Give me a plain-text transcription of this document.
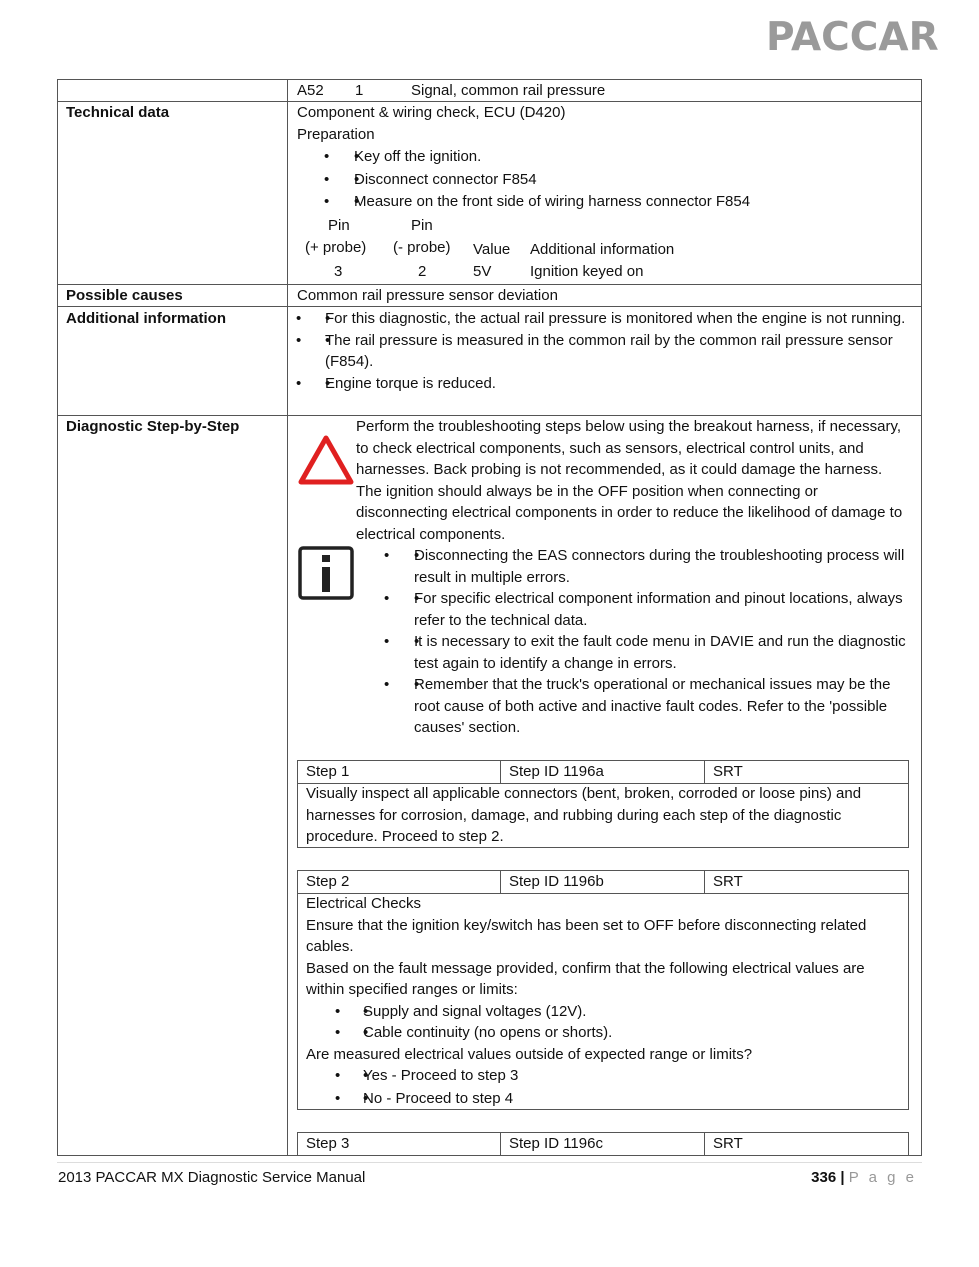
PACCAR
A52 1	Signal, common rail pressure
Technical data	Component & wiring check, ECU (D420)
Preparation
• • Key off the ignition.
• • Disconnect connector F854
• • Measure on the front side of wiring harness connector F854
Pin
(+ probe)
Pin
(- probe) Value Additional information
3	2	5V	Ignition keyed on
Possible causes	Common rail pressure sensor deviation
Additional information
•	• For this diagnostic, the actual rail pressure is monitored when the engine is not running.
• • The rail pressure is measured in the common rail by the common rail pressure sensor (F854).
• • Engine torque is reduced.
Diagnostic Step-by-Step	Perform the troubleshooting steps below using the breakout harness, if necessary, to check electrical components, such as sensors, electrical control units, and harnesses. Back probing is not recommended, as it could damage the harness. The ignition should always be in the OFF position when connecting or disconnecting electrical components in order to reduce the likelihood of damage to electrical components.
• • Disconnecting the EAS connectors during the troubleshooting process will result in multiple errors.
• • For specific electrical component information and pinout locations, always refer to the technical data.
• • It is necessary to exit the fault code menu in DAVIE and run the diagnostic test again to identify a change in errors.
• • Remember that the truck's operational or mechanical issues may be the root cause of both active and inactive fault codes. Refer to the 'possible causes' section.
Step 1	Step ID 1196a	SRT
Visually inspect all applicable connectors (bent, broken, corroded or loose pins) and harnesses for corrosion, damage, and rubbing during each step of the diagnostic procedure. Proceed to step 2.
Step 2	Step ID 1196b	SRT
Electrical Checks
Ensure that the ignition key/switch has been set to OFF before disconnecting related cables.
Based on the fault message provided, confirm that the following electrical values are within specified ranges or limits:
• • Supply and signal voltages (12V).
• • Cable continuity (no opens or shorts).
Are measured electrical values outside of expected range or limits?
• • Yes - Proceed to step 3
• • No - Proceed to step 4
Step 3	Step ID 1196c	SRT
2013 PACCAR MX Diagnostic Service Manual	336 | P a g e
